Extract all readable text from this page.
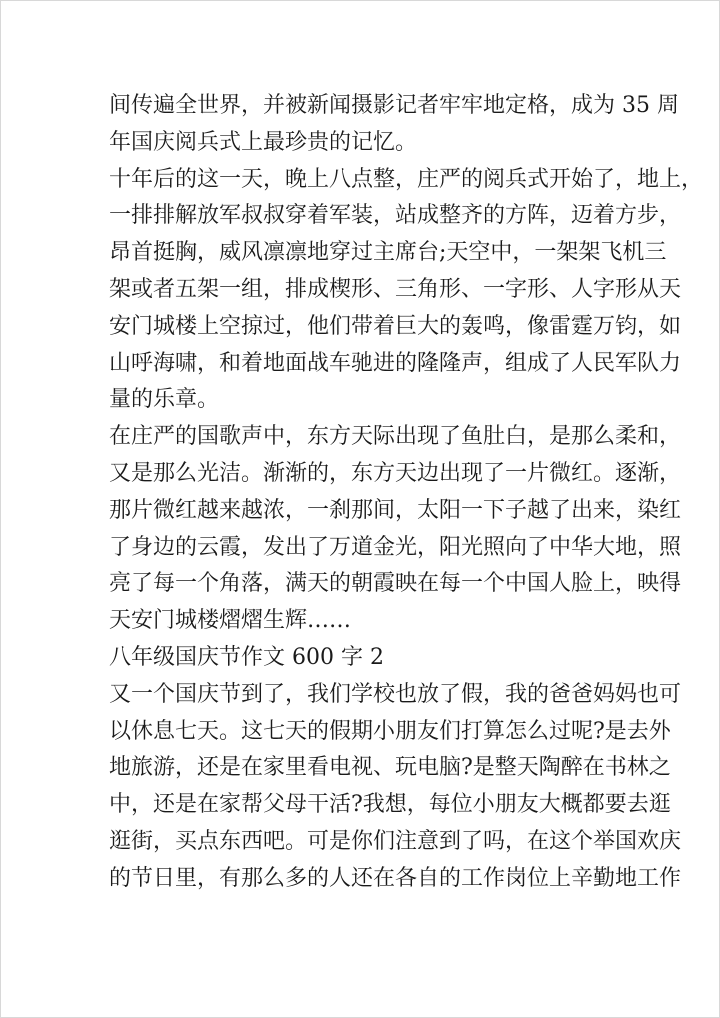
间传遍全世界，并被新闻摄影记者牢牢地定格，成为 35 周
年国庆阅兵式上最珍贵的记忆。
十年后的这一天，晚上八点整，庄严的阅兵式开始了，地上，
一排排解放军叔叔穿着军装，站成整齐的方阵，迈着方步，
昂首挺胸，威风凛凛地穿过主席台;天空中，一架架飞机三
架或者五架一组，排成楔形、三角形、一字形、人字形从天
安门城楼上空掠过，他们带着巨大的轰鸣，像雷霆万钧，如
山呼海啸，和着地面战车驰进的隆隆声，组成了人民军队力
量的乐章。
在庄严的国歌声中，东方天际出现了鱼肚白，是那么柔和，
又是那么光洁。渐渐的，东方天边出现了一片微红。逐渐，
那片微红越来越浓，一刹那间，太阳一下子越了出来，染红
了身边的云霞，发出了万道金光，阳光照向了中华大地，照
亮了每一个角落，满天的朝霞映在每一个中国人脸上，映得
天安门城楼熠熠生辉……
八年级国庆节作文 600 字 2
又一个国庆节到了，我们学校也放了假，我的爸爸妈妈也可
以休息七天。这七天的假期小朋友们打算怎么过呢?是去外
地旅游，还是在家里看电视、玩电脑?是整天陶醉在书林之
中，还是在家帮父母干活?我想，每位小朋友大概都要去逛
逛街，买点东西吧。可是你们注意到了吗，在这个举国欢庆
的节日里，有那么多的人还在各自的工作岗位上辛勤地工作
